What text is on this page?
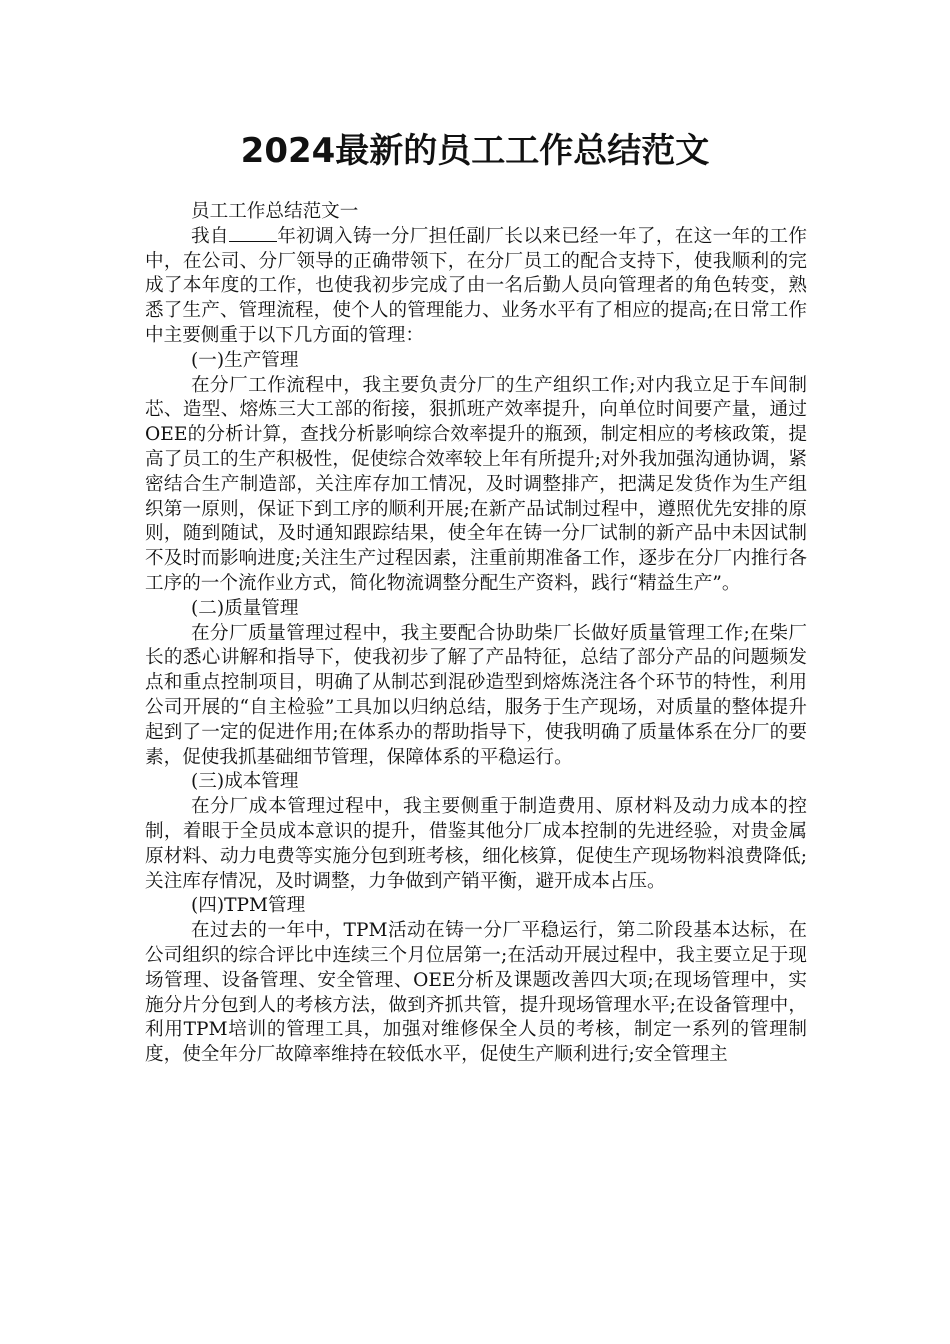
2024最新的员工工作总结范文
员工工作总结范文一
我自	年初调入铸一分厂担任副厂长以来已经一年了，在这一年的工作中，在公司、分厂领导的正确带领下，在分厂员工的配合支持下，使我顺利的完成了本年度的工作，也使我初步完成了由一名后勤人员向管理者的角色转变，熟悉了生产、管理流程，使个人的管理能力、业务水平有了相应的提高;在日常工作中主要侧重于以下几方面的管理：
(一)生产管理
在分厂工作流程中，我主要负责分厂的生产组织工作;对内我立足于车间制芯、造型、熔炼三大工部的衔接，狠抓班产效率提升，向单位时间要产量，通过OEE的分析计算，查找分析影响综合效率提升的瓶颈，制定相应的考核政策，提高了员工的生产积极性，促使综合效率较上年有所提升;对外我加强沟通协调，紧密结合生产制造部，关注库存加工情况，及时调整排产，把满足发货作为生产组织第一原则，保证下到工序的顺利开展;在新产品试制过程中，遵照优先安排的原则，随到随试，及时通知跟踪结果，使全年在铸一分厂试制的新产品中未因试制不及时而影响进度;关注生产过程因素，注重前期准备工作，逐步在分厂内推行各工序的一个流作业方式，简化物流调整分配生产资料，践行“精益生产”。
(二)质量管理
在分厂质量管理过程中，我主要配合协助柴厂长做好质量管理工作;在柴厂长的悉心讲解和指导下，使我初步了解了产品特征，总结了部分产品的问题频发点和重点控制项目，明确了从制芯到混砂造型到熔炼浇注各个环节的特性，利用公司开展的“自主检验”工具加以归纳总结，服务于生产现场，对质量的整体提升起到了一定的促进作用;在体系办的帮助指导下，使我明确了质量体系在分厂的要素，促使我抓基础细节管理，保障体系的平稳运行。
(三)成本管理
在分厂成本管理过程中，我主要侧重于制造费用、原材料及动力成本的控制，着眼于全员成本意识的提升，借鉴其他分厂成本控制的先进经验，对贵金属原材料、动力电费等实施分包到班考核，细化核算，促使生产现场物料浪费降低;关注库存情况，及时调整，力争做到产销平衡，避开成本占压。
(四)TPM管理
在过去的一年中，TPM活动在铸一分厂平稳运行，第二阶段基本达标，在公司组织的综合评比中连续三个月位居第一;在活动开展过程中，我主要立足于现场管理、设备管理、安全管理、OEE分析及课题改善四大项;在现场管理中，实施分片分包到人的考核方法，做到齐抓共管，提升现场管理水平;在设备管理中，利用TPM培训的管理工具，加强对维修保全人员的考核，制定一系列的管理制度，使全年分厂故障率维持在较低水平，促使生产顺利进行;安全管理主
